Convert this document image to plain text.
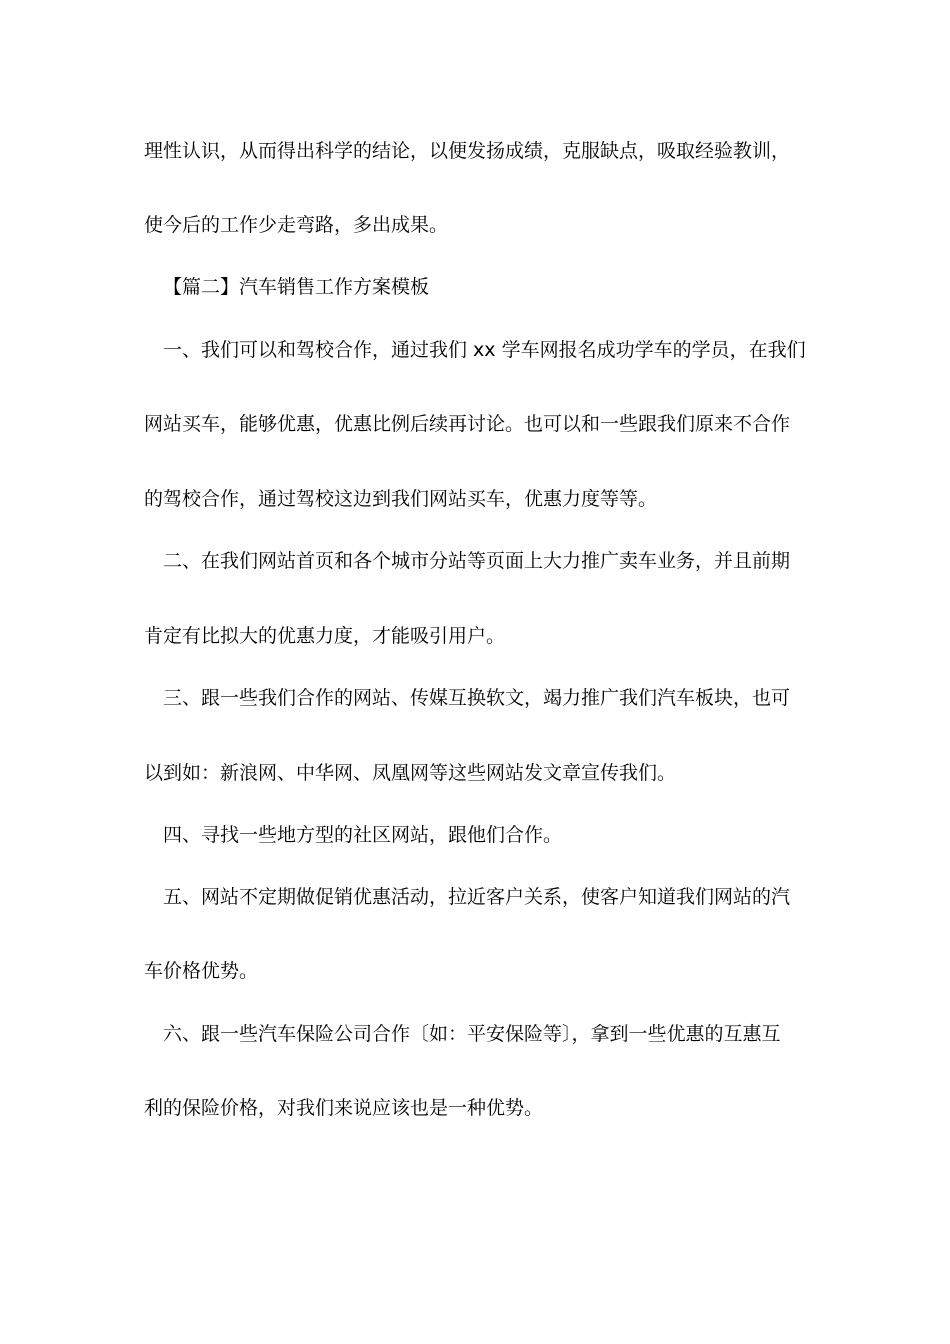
理性认识，从而得出科学的结论，以便发扬成绩，克服缺点，吸取经验教训，
使今后的工作少走弯路，多出成果。
【篇二】汽车销售工作方案模板
一、我们可以和驾校合作，通过我们 xx 学车网报名成功学车的学员，在我们
网站买车，能够优惠，优惠比例后续再讨论。也可以和一些跟我们原来不合作
的驾校合作，通过驾校这边到我们网站买车，优惠力度等等。
二、在我们网站首页和各个城市分站等页面上大力推广卖车业务，并且前期
肯定有比拟大的优惠力度，才能吸引用户。
三、跟一些我们合作的网站、传媒互换软文，竭力推广我们汽车板块，也可
以到如：新浪网、中华网、凤凰网等这些网站发文章宣传我们。
四、寻找一些地方型的社区网站，跟他们合作。
五、网站不定期做促销优惠活动，拉近客户关系，使客户知道我们网站的汽
车价格优势。
六、跟一些汽车保险公司合作〔如：平安保险等〕，拿到一些优惠的互惠互
利的保险价格，对我们来说应该也是一种优势。
